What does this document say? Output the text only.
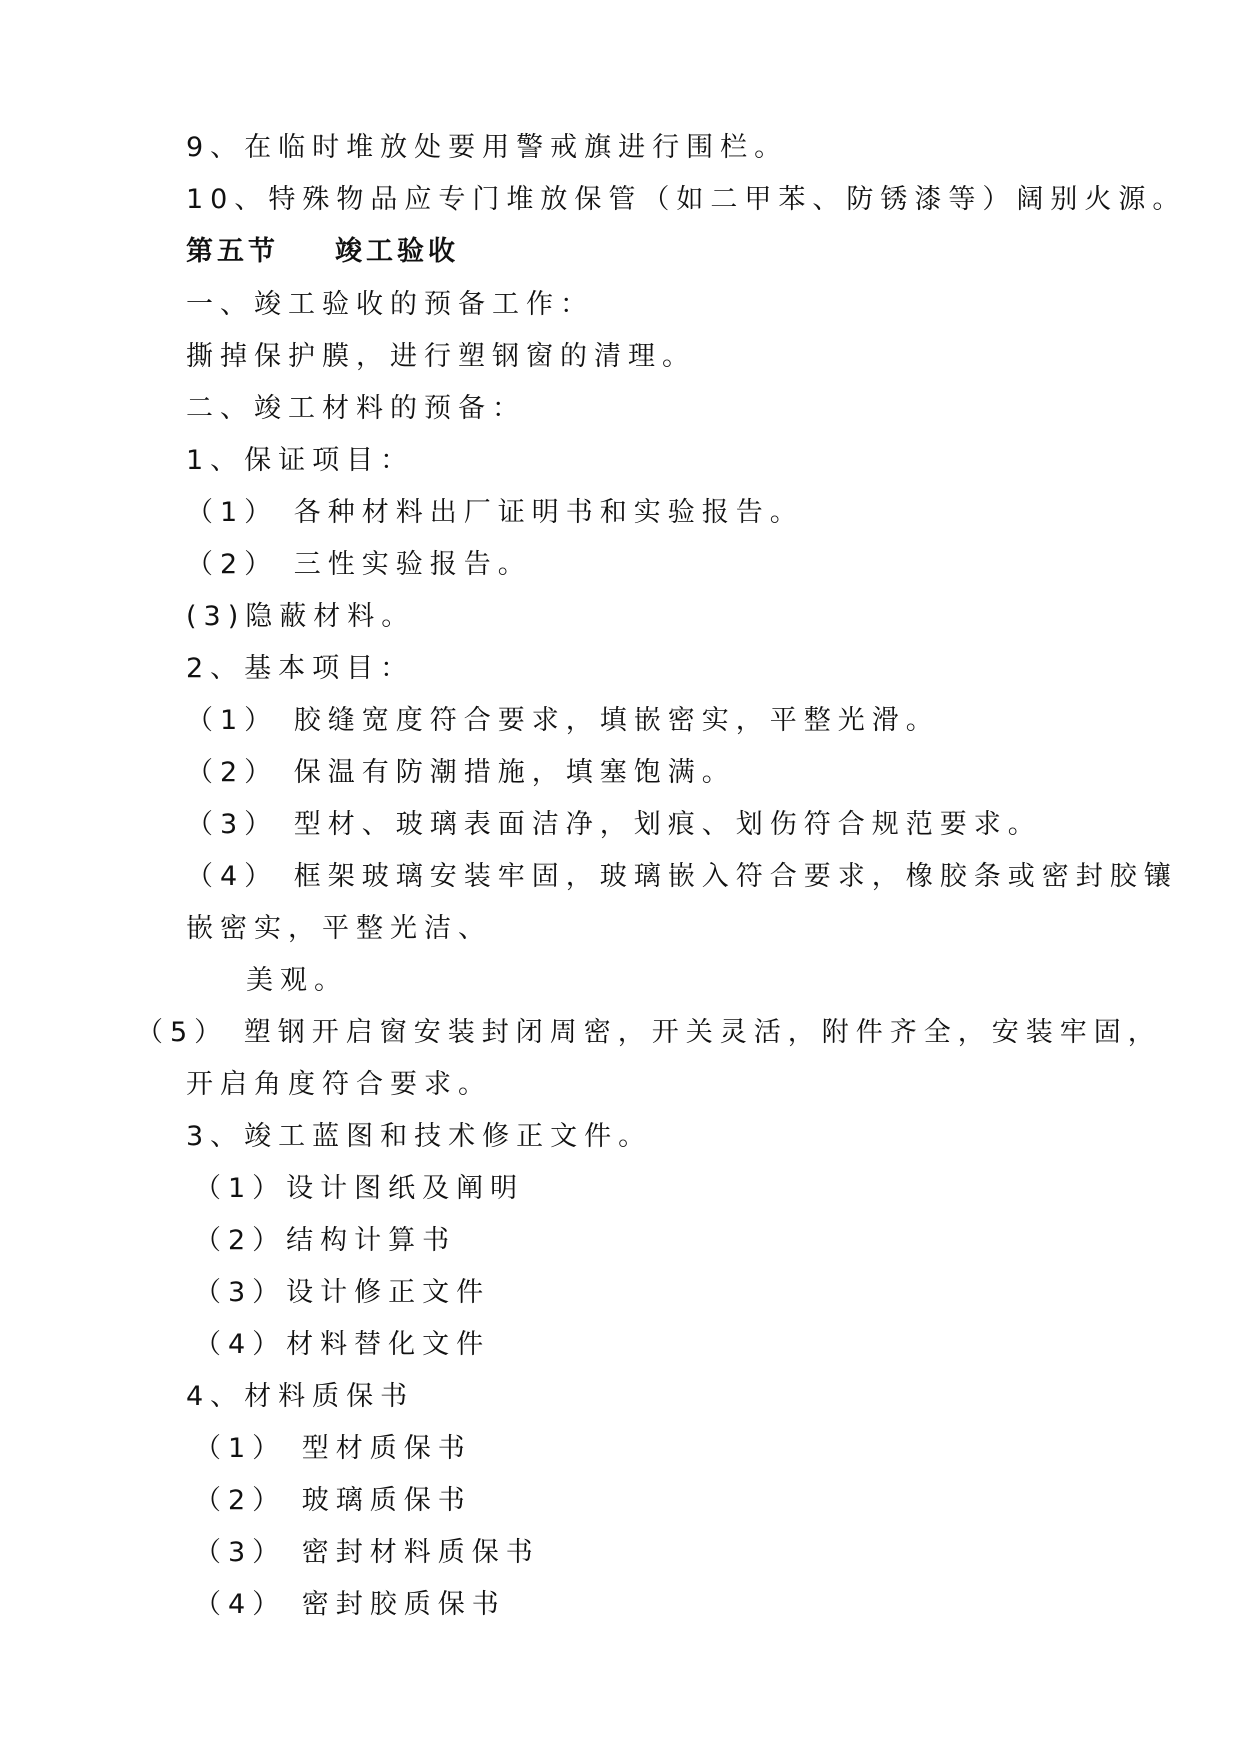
9、在临时堆放处要用警戒旗进行围栏。
10、特殊物品应专门堆放保管（如二甲苯、防锈漆等）阔别火源。
第五节 竣工验收
一、竣工验收的预备工作：
撕掉保护膜，进行塑钢窗的清理。
二、竣工材料的预备：
1、保证项目：
（1） 各种材料出厂证明书和实验报告。
（2） 三性实验报告。
(3)隐蔽材料。
2、基本项目：
（1） 胶缝宽度符合要求，填嵌密实，平整光滑。
（2） 保温有防潮措施，填塞饱满。
（3） 型材、玻璃表面洁净，划痕、划伤符合规范要求。
（4） 框架玻璃安装牢固，玻璃嵌入符合要求，橡胶条或密封胶镶
嵌密实，平整光洁、
美观。
（5） 塑钢开启窗安装封闭周密，开关灵活，附件齐全，安装牢固，
开启角度符合要求。
3、竣工蓝图和技术修正文件。
（1）设计图纸及阐明
（2）结构计算书
（3）设计修正文件
（4）材料替化文件
4、材料质保书
（1） 型材质保书
（2） 玻璃质保书
（3） 密封材料质保书
（4） 密封胶质保书
